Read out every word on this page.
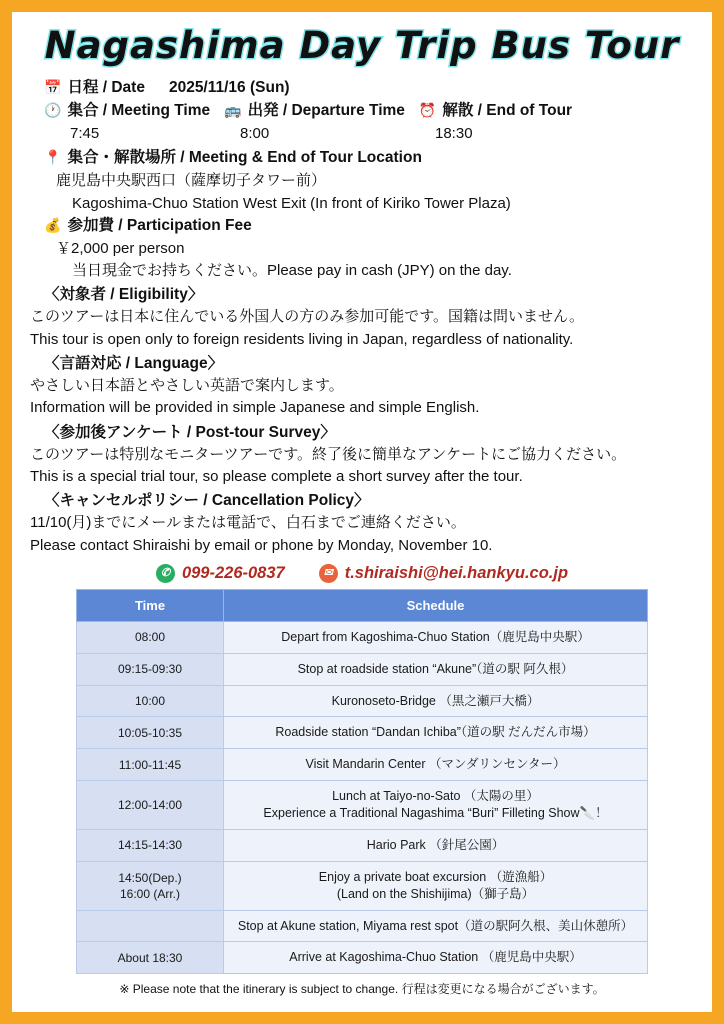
Nagashima Day Trip Bus Tour
📅 日程 / Date	2025/11/16 (Sun)
🕐 集合 / Meeting Time	🚌 出発 / Departure Time	⏰ 解散 / End of Tour
7:45	8:00	18:30
📍 集合・解散場所 / Meeting & End of Tour Location
鹿児島中央駅西口（薩摩切子タワー前）
Kagoshima-Chuo Station West Exit (In front of Kiriko Tower Plaza)
💰 参加費 / Participation Fee
￥2,000 per person
当日現金でお持ちください。Please pay in cash (JPY) on the day.
〈対象者 / Eligibility〉
このツアーは日本に住んでいる外国人の方のみ参加可能です。国籍は問いません。
This tour is open only to foreign residents living in Japan, regardless of nationality.
〈言語対応 / Language〉
やさしい日本語とやさしい英語で案内します。
Information will be provided in simple Japanese and simple English.
〈参加後アンケート / Post-tour Survey〉
このツアーは特別なモニターツアーです。終了後に簡単なアンケートにご協力ください。
This is a special trial tour, so please complete a short survey after the tour.
〈キャンセルポリシー / Cancellation Policy〉
11/10(月)までにメールまたは電話で、白石までご連絡ください。
Please contact Shiraishi by email or phone by Monday, November 10.
✆ 099-226-0837	✉ t.shiraishi@hei.hankyu.co.jp
Time	Schedule
08:00	Depart from Kagoshima-Chuo Station（鹿児島中央駅）
09:15-09:30	Stop at roadside station “Akune”（道の駅 阿久根）
10:00	Kuronoseto-Bridge （黒之瀬戸大橋）
10:05-10:35	Roadside station “Dandan Ichiba”（道の駅 だんだん市場）
11:00-11:45	Visit Mandarin Center （マンダリンセンター）
12:00-14:00	Lunch at Taiyo-no-Sato （太陽の里）
Experience a Traditional Nagashima “Buri” Filleting Show🔪！
14:15-14:30	Hario Park （針尾公園）
14:50(Dep.)
16:00 (Arr.)	Enjoy a private boat excursion （遊漁船）
(Land on the Shishijima)（獅子島）
	Stop at Akune station, Miyama rest spot（道の駅阿久根、美山休憩所）
About 18:30	Arrive at Kagoshima-Chuo Station （鹿児島中央駅）
※ Please note that the itinerary is subject to change. 行程は変更になる場合がございます。
